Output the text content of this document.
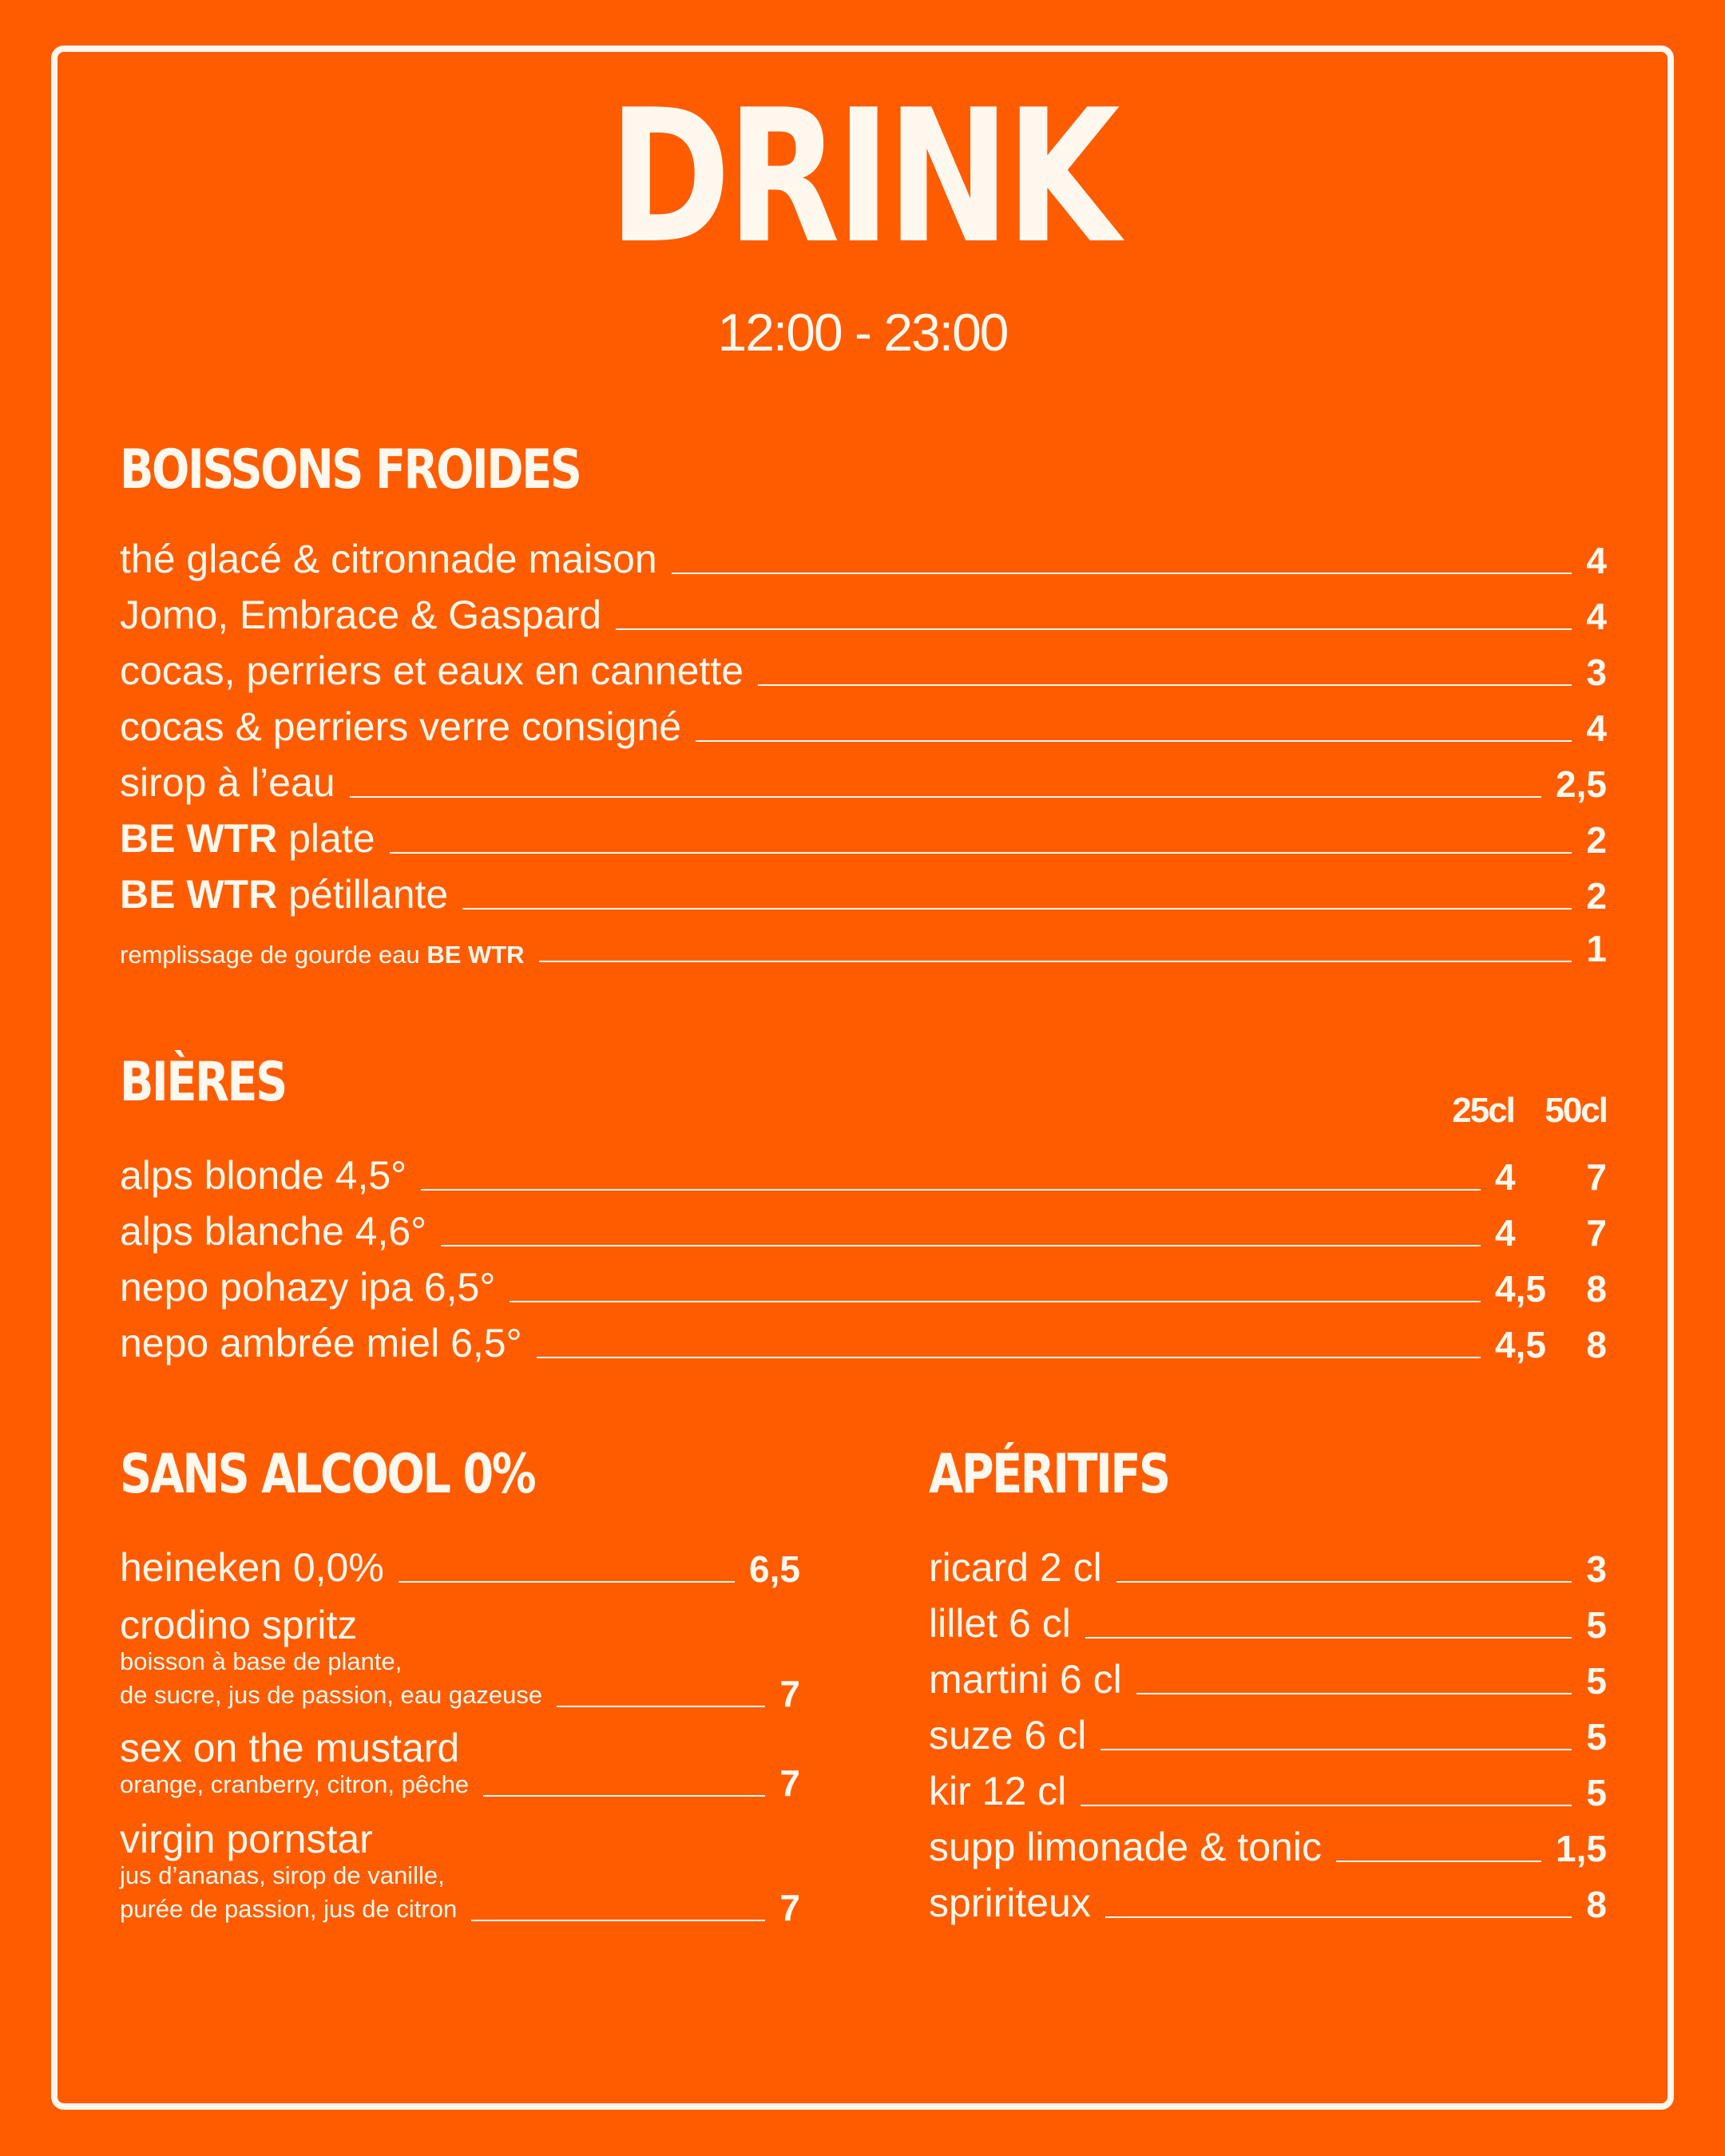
DRINK
12:00 - 23:00
BOISSONS FROIDES
thé glacé & citronnade maison	4
Jomo, Embrace & Gaspard	4
cocas, perriers et eaux en cannette	3
cocas & perriers verre consigné	4
sirop à l’eau	2,5
BE WTR plate	2
BE WTR pétillante	2
remplissage de gourde eau BE WTR	1
BIÈRES	25cl 50cl
alps blonde 4,5°	4 7
alps blanche 4,6°	4 7
nepo pohazy ipa 6,5°	4,5 8
nepo ambrée miel 6,5°	4,5 8
SANS ALCOOL 0%
heineken 0,0%	6,5
crodino spritz
boisson à base de plante,
de sucre, jus de passion, eau gazeuse	7
sex on the mustard
orange, cranberry, citron, pêche	7
virgin pornstar
jus d’ananas, sirop de vanille,
purée de passion, jus de citron	7
APÉRITIFS
ricard 2 cl	3
lillet 6 cl	5
martini 6 cl	5
suze 6 cl	5
kir 12 cl	5
supp limonade & tonic	1,5
spririteux	8
